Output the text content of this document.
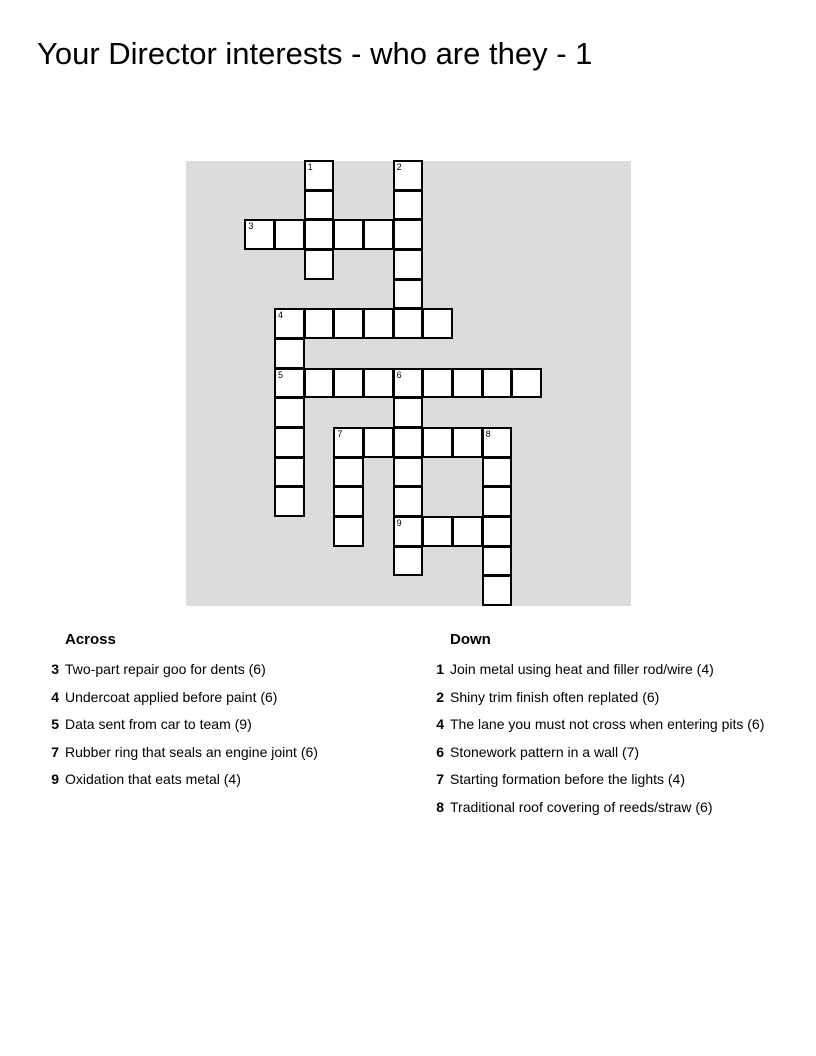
Your Director interests - who are they - 1
1	2
3
4
5	6
7	8
9
Across
3 Two-part repair goo for dents (6)
4 Undercoat applied before paint (6)
5 Data sent from car to team (9)
7 Rubber ring that seals an engine joint (6)
9 Oxidation that eats metal (4)
Down
1 Join metal using heat and filler rod/wire (4)
2 Shiny trim finish often replated (6)
4 The lane you must not cross when entering pits (6)
6 Stonework pattern in a wall (7)
7 Starting formation before the lights (4)
8 Traditional roof covering of reeds/straw (6)
